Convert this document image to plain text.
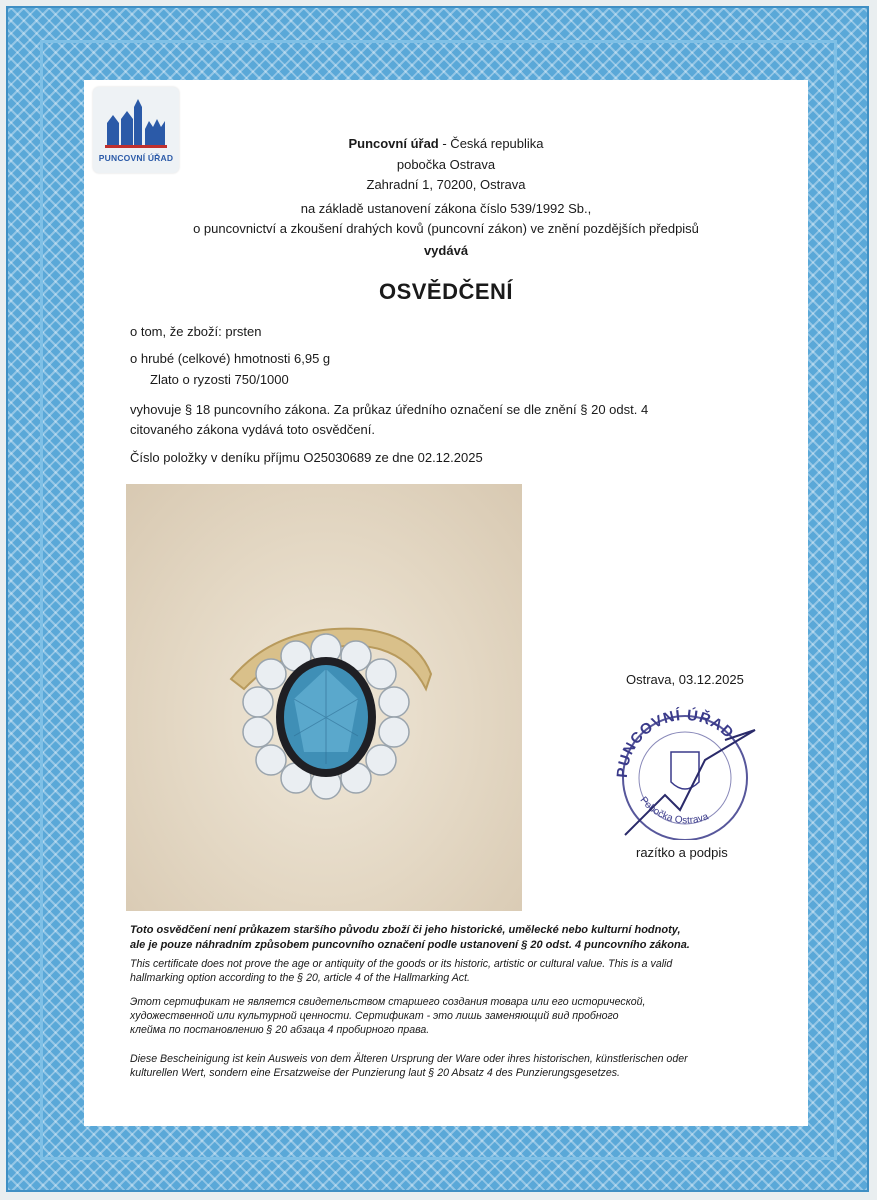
PUNCOVNÍ ÚŘAD
Puncovní úřad - Česká republika
pobočka Ostrava
Zahradní 1, 70200, Ostrava
na základě ustanovení zákona číslo 539/1992 Sb.,
o puncovnictví a zkoušení drahých kovů (puncovní zákon) ve znění pozdějších předpisů
vydává
OSVĚDČENÍ
o tom, že zboží: prsten
o hrubé (celkové) hmotnosti 6,95 g
Zlato o ryzosti 750/1000
vyhovuje § 18 puncovního zákona. Za průkaz úředního označení se dle znění § 20 odst. 4
citovaného zákona vydává toto osvědčení.
Číslo položky v deníku příjmu O25030689 ze dne 02.12.2025
Ostrava, 03.12.2025
PUNCOVNÍ ÚŘAD
Pobočka Ostrava
razítko a podpis
Toto osvědčení není průkazem staršího původu zboží či jeho historické, umělecké nebo kulturní hodnoty,
ale je pouze náhradním způsobem puncovního označení podle ustanovení § 20 odst. 4 puncovního zákona.
This certificate does not prove the age or antiquity of the goods or its historic, artistic or cultural value. This is a valid
hallmarking option according to the § 20, article 4 of the Hallmarking Act.
Этот сертификат не является свидетельством старшего создания товара или его исторической,
художественной или культурной ценности. Сертификат - это лишь заменяющий вид пробного
клейма по постановлению § 20 абзаца 4 пробирного права.
Diese Bescheinigung ist kein Ausweis von dem Älteren Ursprung der Ware oder ihres historischen, künstlerischen oder
kulturellen Wert, sondern eine Ersatzweise der Punzierung laut § 20 Absatz 4 des Punzierungsgesetzes.
